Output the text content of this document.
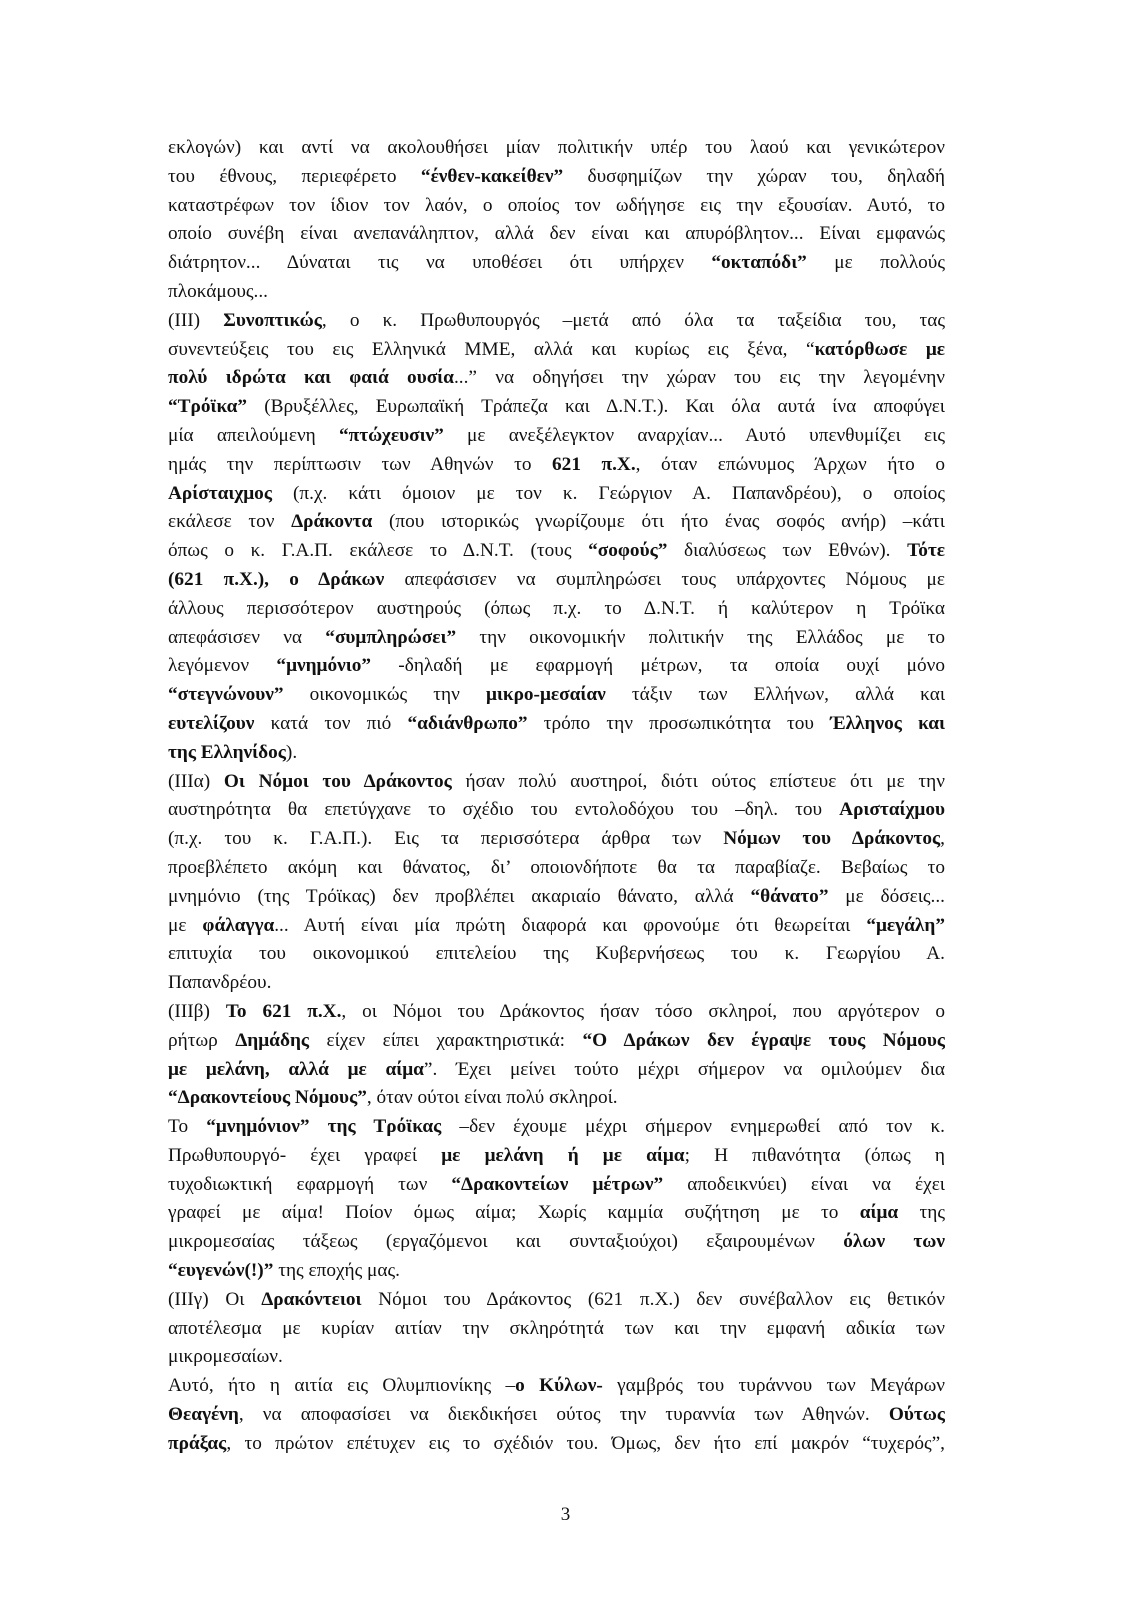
εκλογών) και αντί να ακολουθήσει μίαν πολιτικήν υπέρ του λαού και γενικώτερον
του έθνους, περιεφέρετο “ένθεν-κακείθεν” δυσφημίζων την χώραν του, δηλαδή
καταστρέφων τον ίδιον τον λαόν, ο οποίος τον ωδήγησε εις την εξουσίαν. Αυτό, το
οποίο συνέβη είναι ανεπανάληπτον, αλλά δεν είναι και απυρόβλητον... Είναι εμφανώς
διάτρητον... Δύναται τις να υποθέσει ότι υπήρχεν “οκταπόδι” με πολλούς
πλοκάμους...
(III) Συνοπτικώς, ο κ. Πρωθυπουργός –μετά από όλα τα ταξείδια του, τας
συνεντεύξεις του εις Ελληνικά ΜΜΕ, αλλά και κυρίως εις ξένα, “κατόρθωσε με
πολύ ιδρώτα και φαιά ουσία...” να οδηγήσει την χώραν του εις την λεγομένην
“Τρόϊκα” (Βρυξέλλες, Ευρωπαϊκή Τράπεζα και Δ.Ν.Τ.). Και όλα αυτά ίνα αποφύγει
μία απειλούμενη “πτώχευσιν” με ανεξέλεγκτον αναρχίαν... Αυτό υπενθυμίζει εις
ημάς την περίπτωσιν των Αθηνών το 621 π.Χ., όταν επώνυμος Άρχων ήτο ο
Αρίσταιχμος (π.χ. κάτι όμοιον με τον κ. Γεώργιον Α. Παπανδρέου), ο οποίος
εκάλεσε τον Δράκοντα (που ιστορικώς γνωρίζουμε ότι ήτο ένας σοφός ανήρ) –κάτι
όπως ο κ. Γ.Α.Π. εκάλεσε το Δ.Ν.Τ. (τους “σοφούς” διαλύσεως των Εθνών). Τότε
(621 π.Χ.), ο Δράκων απεφάσισεν να συμπληρώσει τους υπάρχοντες Νόμους με
άλλους περισσότερον αυστηρούς (όπως π.χ. το Δ.Ν.Τ. ή καλύτερον η Τρόϊκα
απεφάσισεν να “συμπληρώσει” την οικονομικήν πολιτικήν της Ελλάδος με το
λεγόμενον “μνημόνιο” -δηλαδή με εφαρμογή μέτρων, τα οποία ουχί μόνο
“στεγνώνουν” οικονομικώς την μικρο-μεσαίαν τάξιν των Ελλήνων, αλλά και
ευτελίζουν κατά τον πιό “αδιάνθρωπο” τρόπο την προσωπικότητα του Έλληνος και
της Ελληνίδος).
(IIIα) Οι Νόμοι του Δράκοντος ήσαν πολύ αυστηροί, διότι ούτος επίστευε ότι με την
αυστηρότητα θα επετύγχανε το σχέδιο του εντολοδόχου του –δηλ. του Αρισταίχμου
(π.χ. του κ. Γ.Α.Π.). Εις τα περισσότερα άρθρα των Νόμων του Δράκοντος,
προεβλέπετο ακόμη και θάνατος, δι’ οποιονδήποτε θα τα παραβίαζε. Βεβαίως το
μνημόνιο (της Τρόϊκας) δεν προβλέπει ακαριαίο θάνατο, αλλά “θάνατο” με δόσεις...
με φάλαγγα... Αυτή είναι μία πρώτη διαφορά και φρονούμε ότι θεωρείται “μεγάλη”
επιτυχία του οικονομικού επιτελείου της Κυβερνήσεως του κ. Γεωργίου Α.
Παπανδρέου.
(IIIβ) Το 621 π.Χ., οι Νόμοι του Δράκοντος ήσαν τόσο σκληροί, που αργότερον ο
ρήτωρ Δημάδης είχεν είπει χαρακτηριστικά: “Ο Δράκων δεν έγραψε τους Νόμους
με μελάνη, αλλά με αίμα”. Έχει μείνει τούτο μέχρι σήμερον να ομιλούμεν δια
“Δρακοντείους Νόμους”, όταν ούτοι είναι πολύ σκληροί.
Το “μνημόνιον” της Τρόϊκας –δεν έχουμε μέχρι σήμερον ενημερωθεί από τον κ.
Πρωθυπουργό- έχει γραφεί με μελάνη ή με αίμα; Η πιθανότητα (όπως η
τυχοδιωκτική εφαρμογή των “Δρακοντείων μέτρων” αποδεικνύει) είναι να έχει
γραφεί με αίμα! Ποίον όμως αίμα; Χωρίς καμμία συζήτηση με το αίμα της
μικρομεσαίας τάξεως (εργαζόμενοι και συνταξιούχοι) εξαιρουμένων όλων των
“ευγενών(!)” της εποχής μας.
(IIIγ) Οι Δρακόντειοι Νόμοι του Δράκοντος (621 π.Χ.) δεν συνέβαλλον εις θετικόν
αποτέλεσμα με κυρίαν αιτίαν την σκληρότητά των και την εμφανή αδικία των
μικρομεσαίων.
Αυτό, ήτο η αιτία εις Ολυμπιονίκης –ο Κύλων- γαμβρός του τυράννου των Μεγάρων
Θεαγένη, να αποφασίσει να διεκδικήσει ούτος την τυραννία των Αθηνών. Ούτως
πράξας, το πρώτον επέτυχεν εις το σχέδιόν του. Όμως, δεν ήτο επί μακρόν “τυχερός”,
3
